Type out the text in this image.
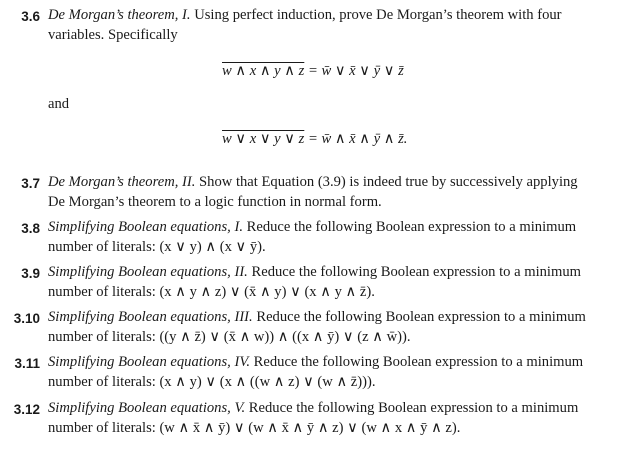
3.6 De Morgan’s theorem, I. Using perfect induction, prove De Morgan’s theorem with four variables. Specifically
w ∧ x ∧ y ∧ z = w̄ ∨ x̄ ∨ ȳ ∨ z̄
and
w ∨ x ∨ y ∨ z = w̄ ∧ x̄ ∧ ȳ ∧ z̄.
3.7 De Morgan’s theorem, II. Show that Equation (3.9) is indeed true by successively applying De Morgan’s theorem to a logic function in normal form.
3.8 Simplifying Boolean equations, I. Reduce the following Boolean expression to a minimum number of literals: (x ∨ y) ∧ (x ∨ ȳ).
3.9 Simplifying Boolean equations, II. Reduce the following Boolean expression to a minimum number of literals: (x ∧ y ∧ z) ∨ (x̄ ∧ y) ∨ (x ∧ y ∧ z̄).
3.10 Simplifying Boolean equations, III. Reduce the following Boolean expression to a minimum number of literals: ((y ∧ z̄) ∨ (x̄ ∧ w)) ∧ ((x ∧ ȳ) ∨ (z ∧ w̄)).
3.11 Simplifying Boolean equations, IV. Reduce the following Boolean expression to a minimum number of literals: (x ∧ y) ∨ (x ∧ ((w ∧ z) ∨ (w ∧ z̄))).
3.12 Simplifying Boolean equations, V. Reduce the following Boolean expression to a minimum number of literals: (w ∧ x̄ ∧ ȳ) ∨ (w ∧ x̄ ∧ ȳ ∧ z) ∨ (w ∧ x ∧ ȳ ∧ z).
